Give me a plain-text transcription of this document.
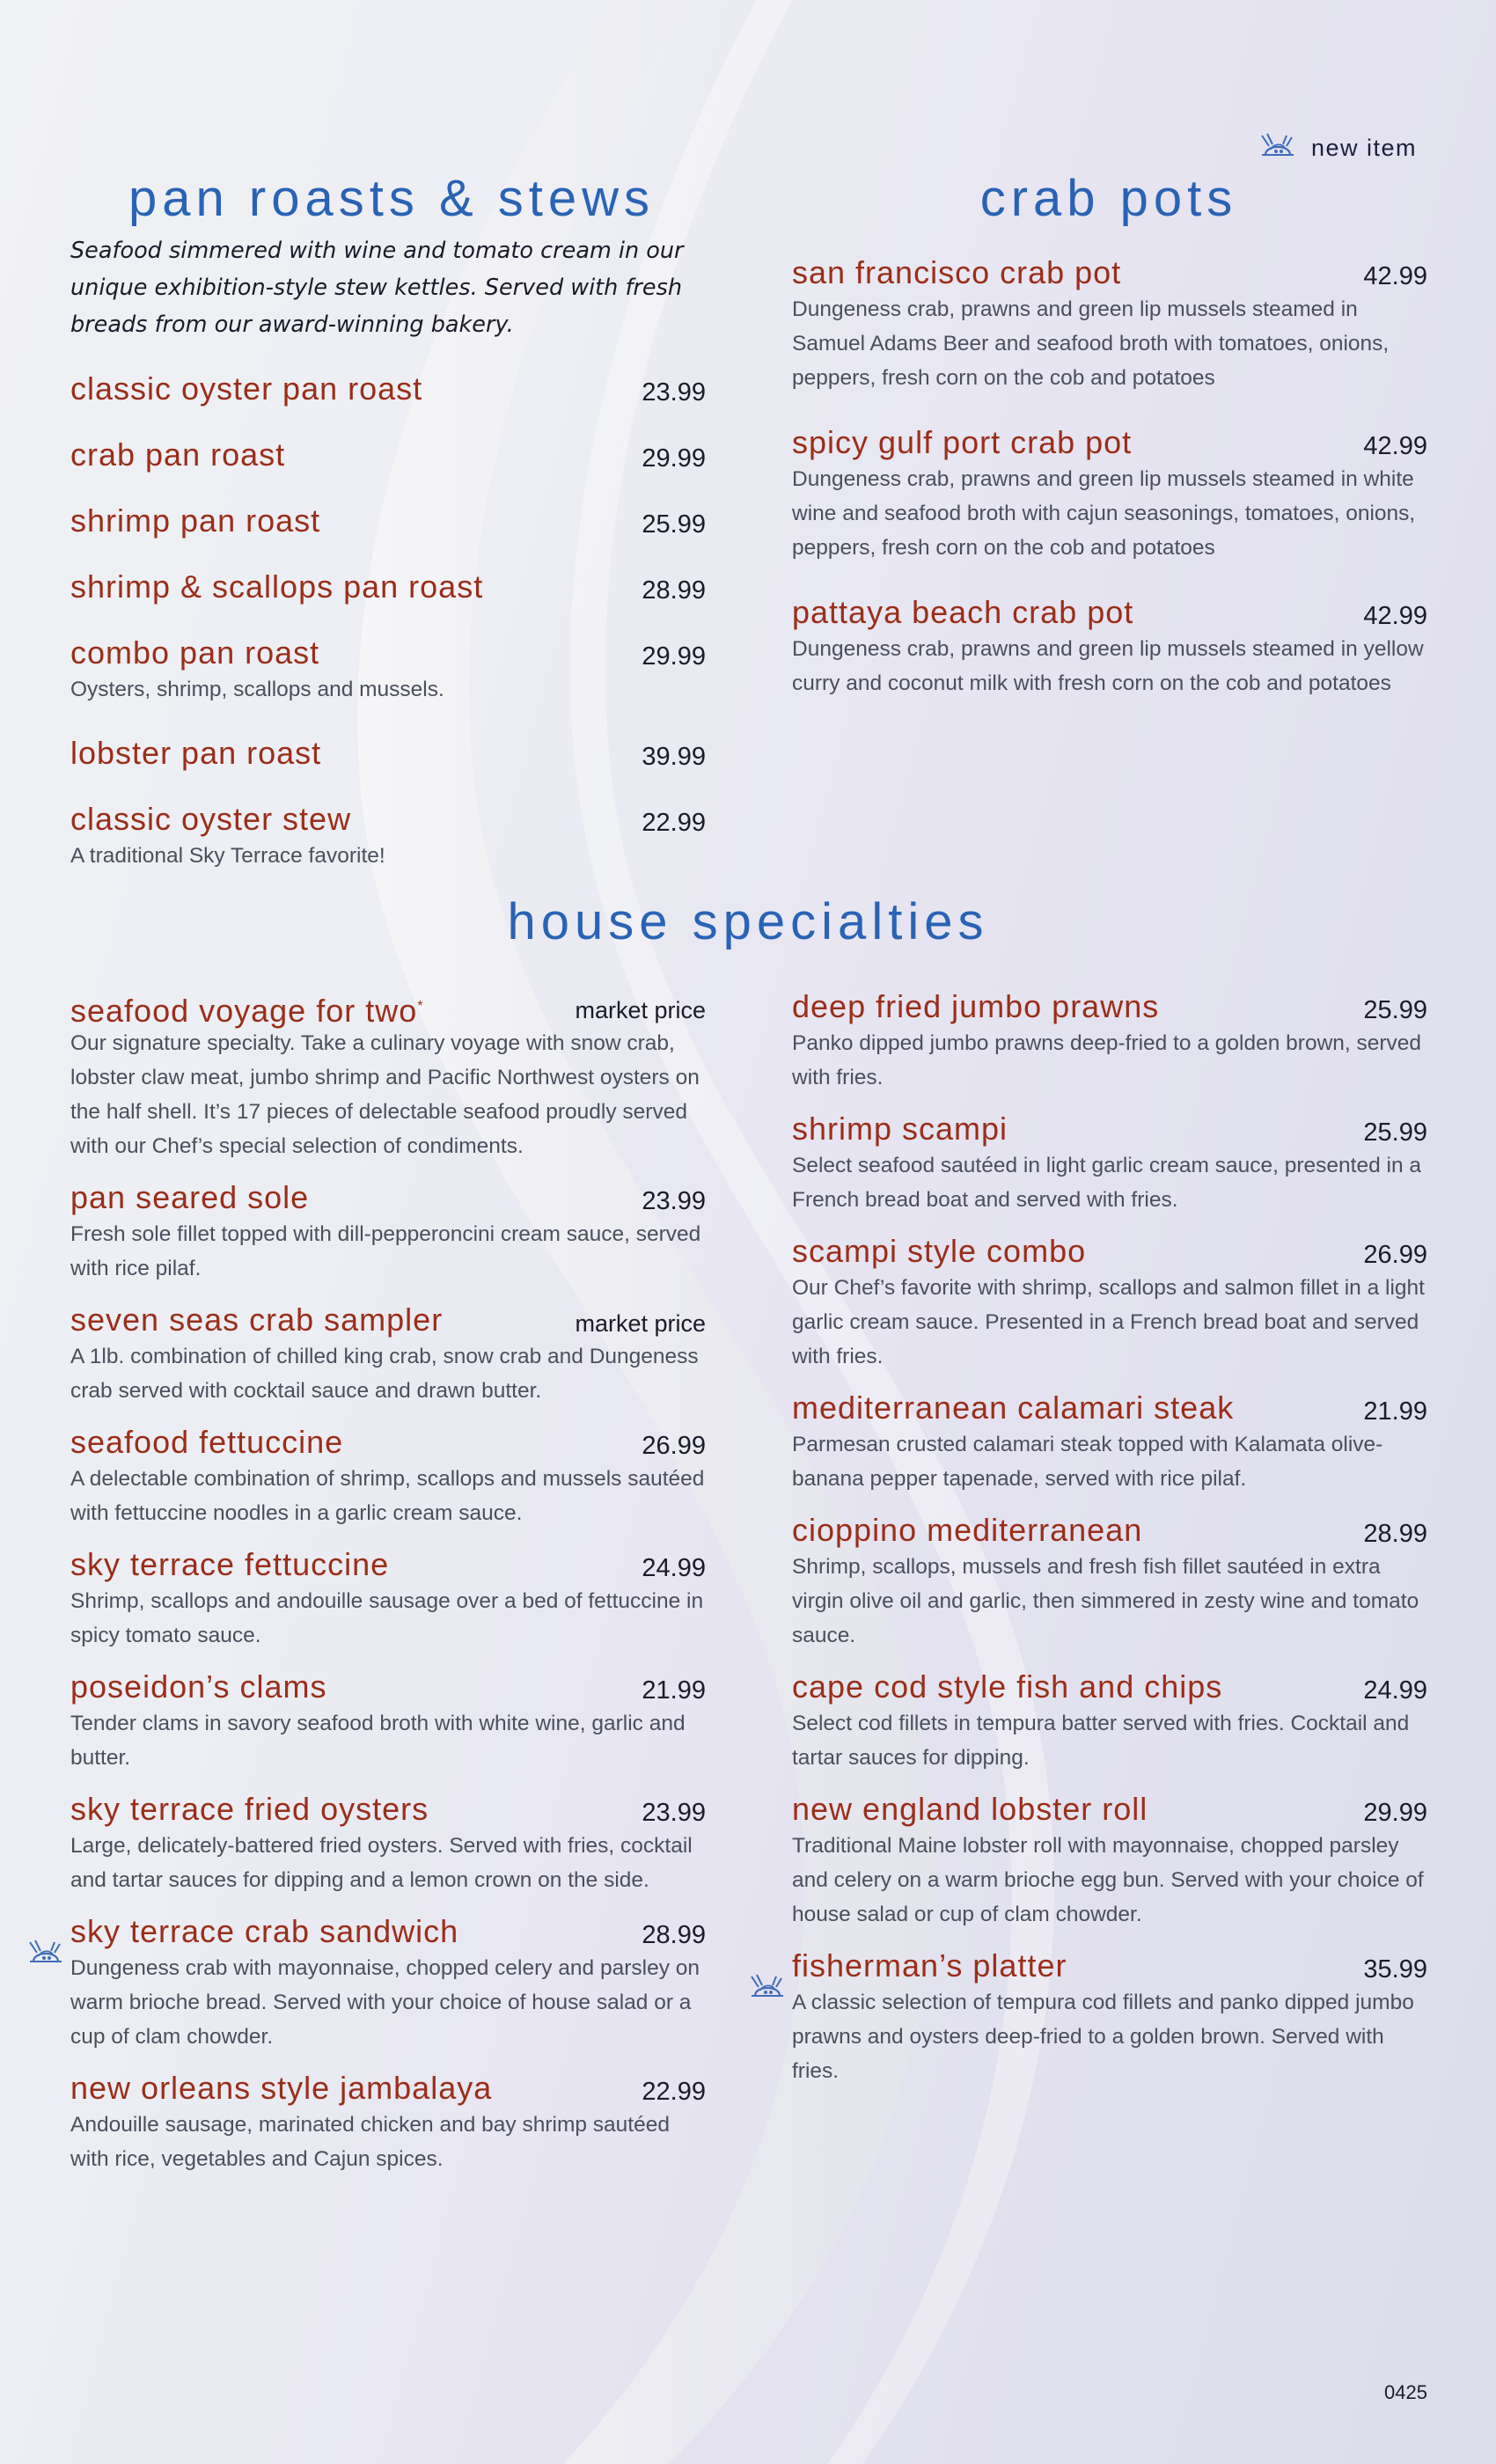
new item
pan roasts & stews

Seafood simmered with wine and tomato cream in our unique exhibition-style stew kettles. Served with fresh breads from our award-winning bakery.

classic oyster pan roast	23.99
crab pan roast	29.99
shrimp pan roast	25.99
shrimp & scallops pan roast	28.99
combo pan roast	29.99

Oysters, shrimp, scallops and mussels.

lobster pan roast	39.99
classic oyster stew	22.99

A traditional Sky Terrace favorite!

crab pots
san francisco crab pot	42.99

Dungeness crab, prawns and green lip mussels steamed in Samuel Adams Beer and seafood broth with tomatoes, onions, peppers, fresh corn on the cob and potatoes

spicy gulf port crab pot	42.99

Dungeness crab, prawns and green lip mussels steamed in white wine and seafood broth with cajun seasonings, tomatoes, onions, peppers, fresh corn on the cob and potatoes

pattaya beach crab pot	42.99

Dungeness crab, prawns and green lip mussels steamed in yellow curry and coconut milk with fresh corn on the cob and potatoes

house specialties
seafood voyage for two*	market price

Our signature specialty. Take a culinary voyage with snow crab, lobster claw meat, jumbo shrimp and Pacific Northwest oysters on the half shell. It’s 17 pieces of delectable seafood proudly served with our Chef’s special selection of condiments.

pan seared sole	23.99

Fresh sole fillet topped with dill-pepperoncini cream sauce, served with rice pilaf.

seven seas crab sampler	market price

A 1lb. combination of chilled king crab, snow crab and Dungeness crab served with cocktail sauce and drawn butter.

seafood fettuccine	26.99

A delectable combination of shrimp, scallops and mussels sautéed with fettuccine noodles in a garlic cream sauce.

sky terrace fettuccine	24.99

Shrimp, scallops and andouille sausage over a bed of fettuccine in spicy tomato sauce.

poseidon’s clams	21.99

Tender clams in savory seafood broth with white wine, garlic and butter.

sky terrace fried oysters	23.99

Large, delicately-battered fried oysters. Served with fries, cocktail and tartar sauces for dipping and a lemon crown on the side.

sky terrace crab sandwich	28.99

Dungeness crab with mayonnaise, chopped celery and parsley on warm brioche bread. Served with your choice of house salad or a cup of clam chowder.

new orleans style jambalaya	22.99

Andouille sausage, marinated chicken and bay shrimp sautéed with rice, vegetables and Cajun spices.

deep fried jumbo prawns	25.99

Panko dipped jumbo prawns deep-fried to a golden brown, served with fries.

shrimp scampi	25.99

Select seafood sautéed in light garlic cream sauce, presented in a French bread boat and served with fries.

scampi style combo	26.99

Our Chef’s favorite with shrimp, scallops and salmon fillet in a light garlic cream sauce. Presented in a French bread boat and served with fries.

mediterranean calamari steak	21.99

Parmesan crusted calamari steak topped with Kalamata olive-banana pepper tapenade, served with rice pilaf.

cioppino mediterranean	28.99

Shrimp, scallops, mussels and fresh fish fillet sautéed in extra virgin olive oil and garlic, then simmered in zesty wine and tomato sauce.

cape cod style fish and chips	24.99

Select cod fillets in tempura batter served with fries. Cocktail and tartar sauces for dipping.

new england lobster roll	29.99

Traditional Maine lobster roll with mayonnaise, chopped parsley and celery on a warm brioche egg bun. Served with your choice of house salad or cup of clam chowder.

fisherman’s platter	35.99

A classic selection of tempura cod fillets and panko dipped jumbo prawns and oysters deep-fried to a golden brown. Served with fries.

0425
